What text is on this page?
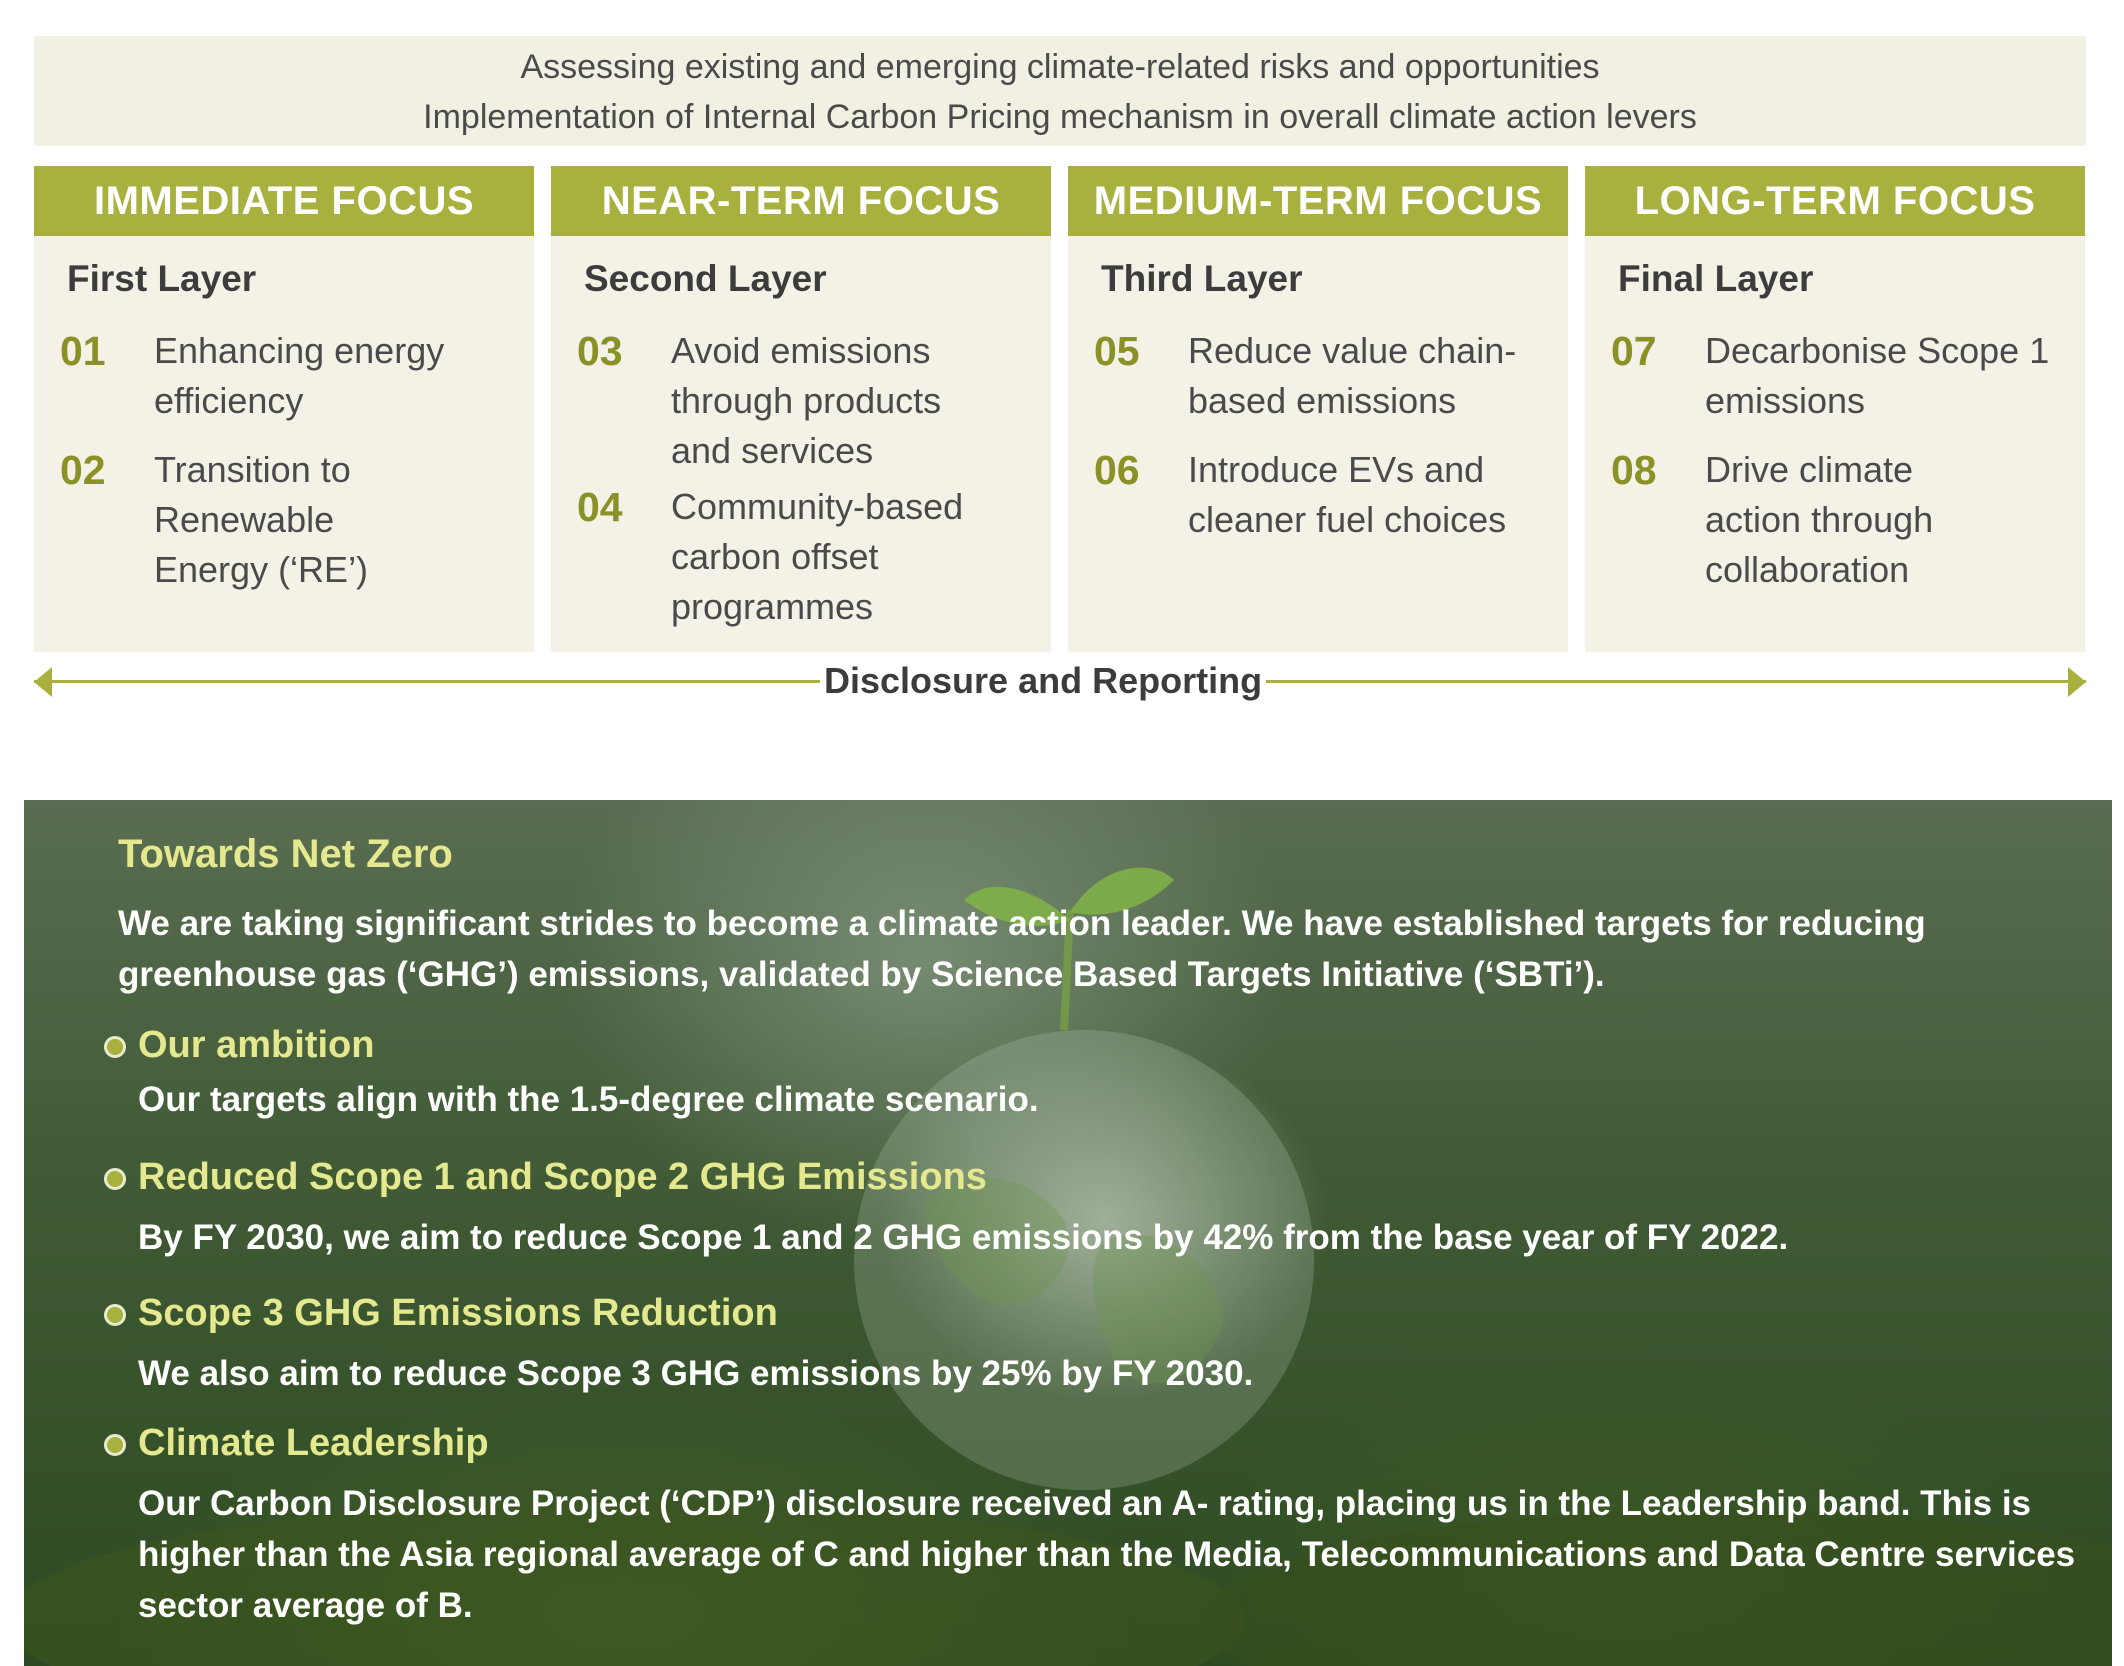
Assessing existing and emerging climate-related risks and opportunities
Implementation of Internal Carbon Pricing mechanism in overall climate action levers
IMMEDIATE FOCUS
First Layer
01 Enhancing energy efficiency
02 Transition to Renewable Energy (‘RE’)
NEAR-TERM FOCUS
Second Layer
03 Avoid emissions through products and services
04 Community-based carbon offset programmes
MEDIUM-TERM FOCUS
Third Layer
05 Reduce value chain-based emissions
06 Introduce EVs and cleaner fuel choices
LONG-TERM FOCUS
Final Layer
07 Decarbonise Scope 1 emissions
08 Drive climate action through collaboration
Disclosure and Reporting
Towards Net Zero
We are taking significant strides to become a climate action leader. We have established targets for reducing greenhouse gas (‘GHG’) emissions, validated by Science Based Targets Initiative (‘SBTi’).
Our ambition
Our targets align with the 1.5-degree climate scenario.
Reduced Scope 1 and Scope 2 GHG Emissions
By FY 2030, we aim to reduce Scope 1 and 2 GHG emissions by 42% from the base year of FY 2022.
Scope 3 GHG Emissions Reduction
We also aim to reduce Scope 3 GHG emissions by 25% by FY 2030.
Climate Leadership
Our Carbon Disclosure Project (‘CDP’) disclosure received an A- rating, placing us in the Leadership band. This is higher than the Asia regional average of C and higher than the Media, Telecommunications and Data Centre services sector average of B.
